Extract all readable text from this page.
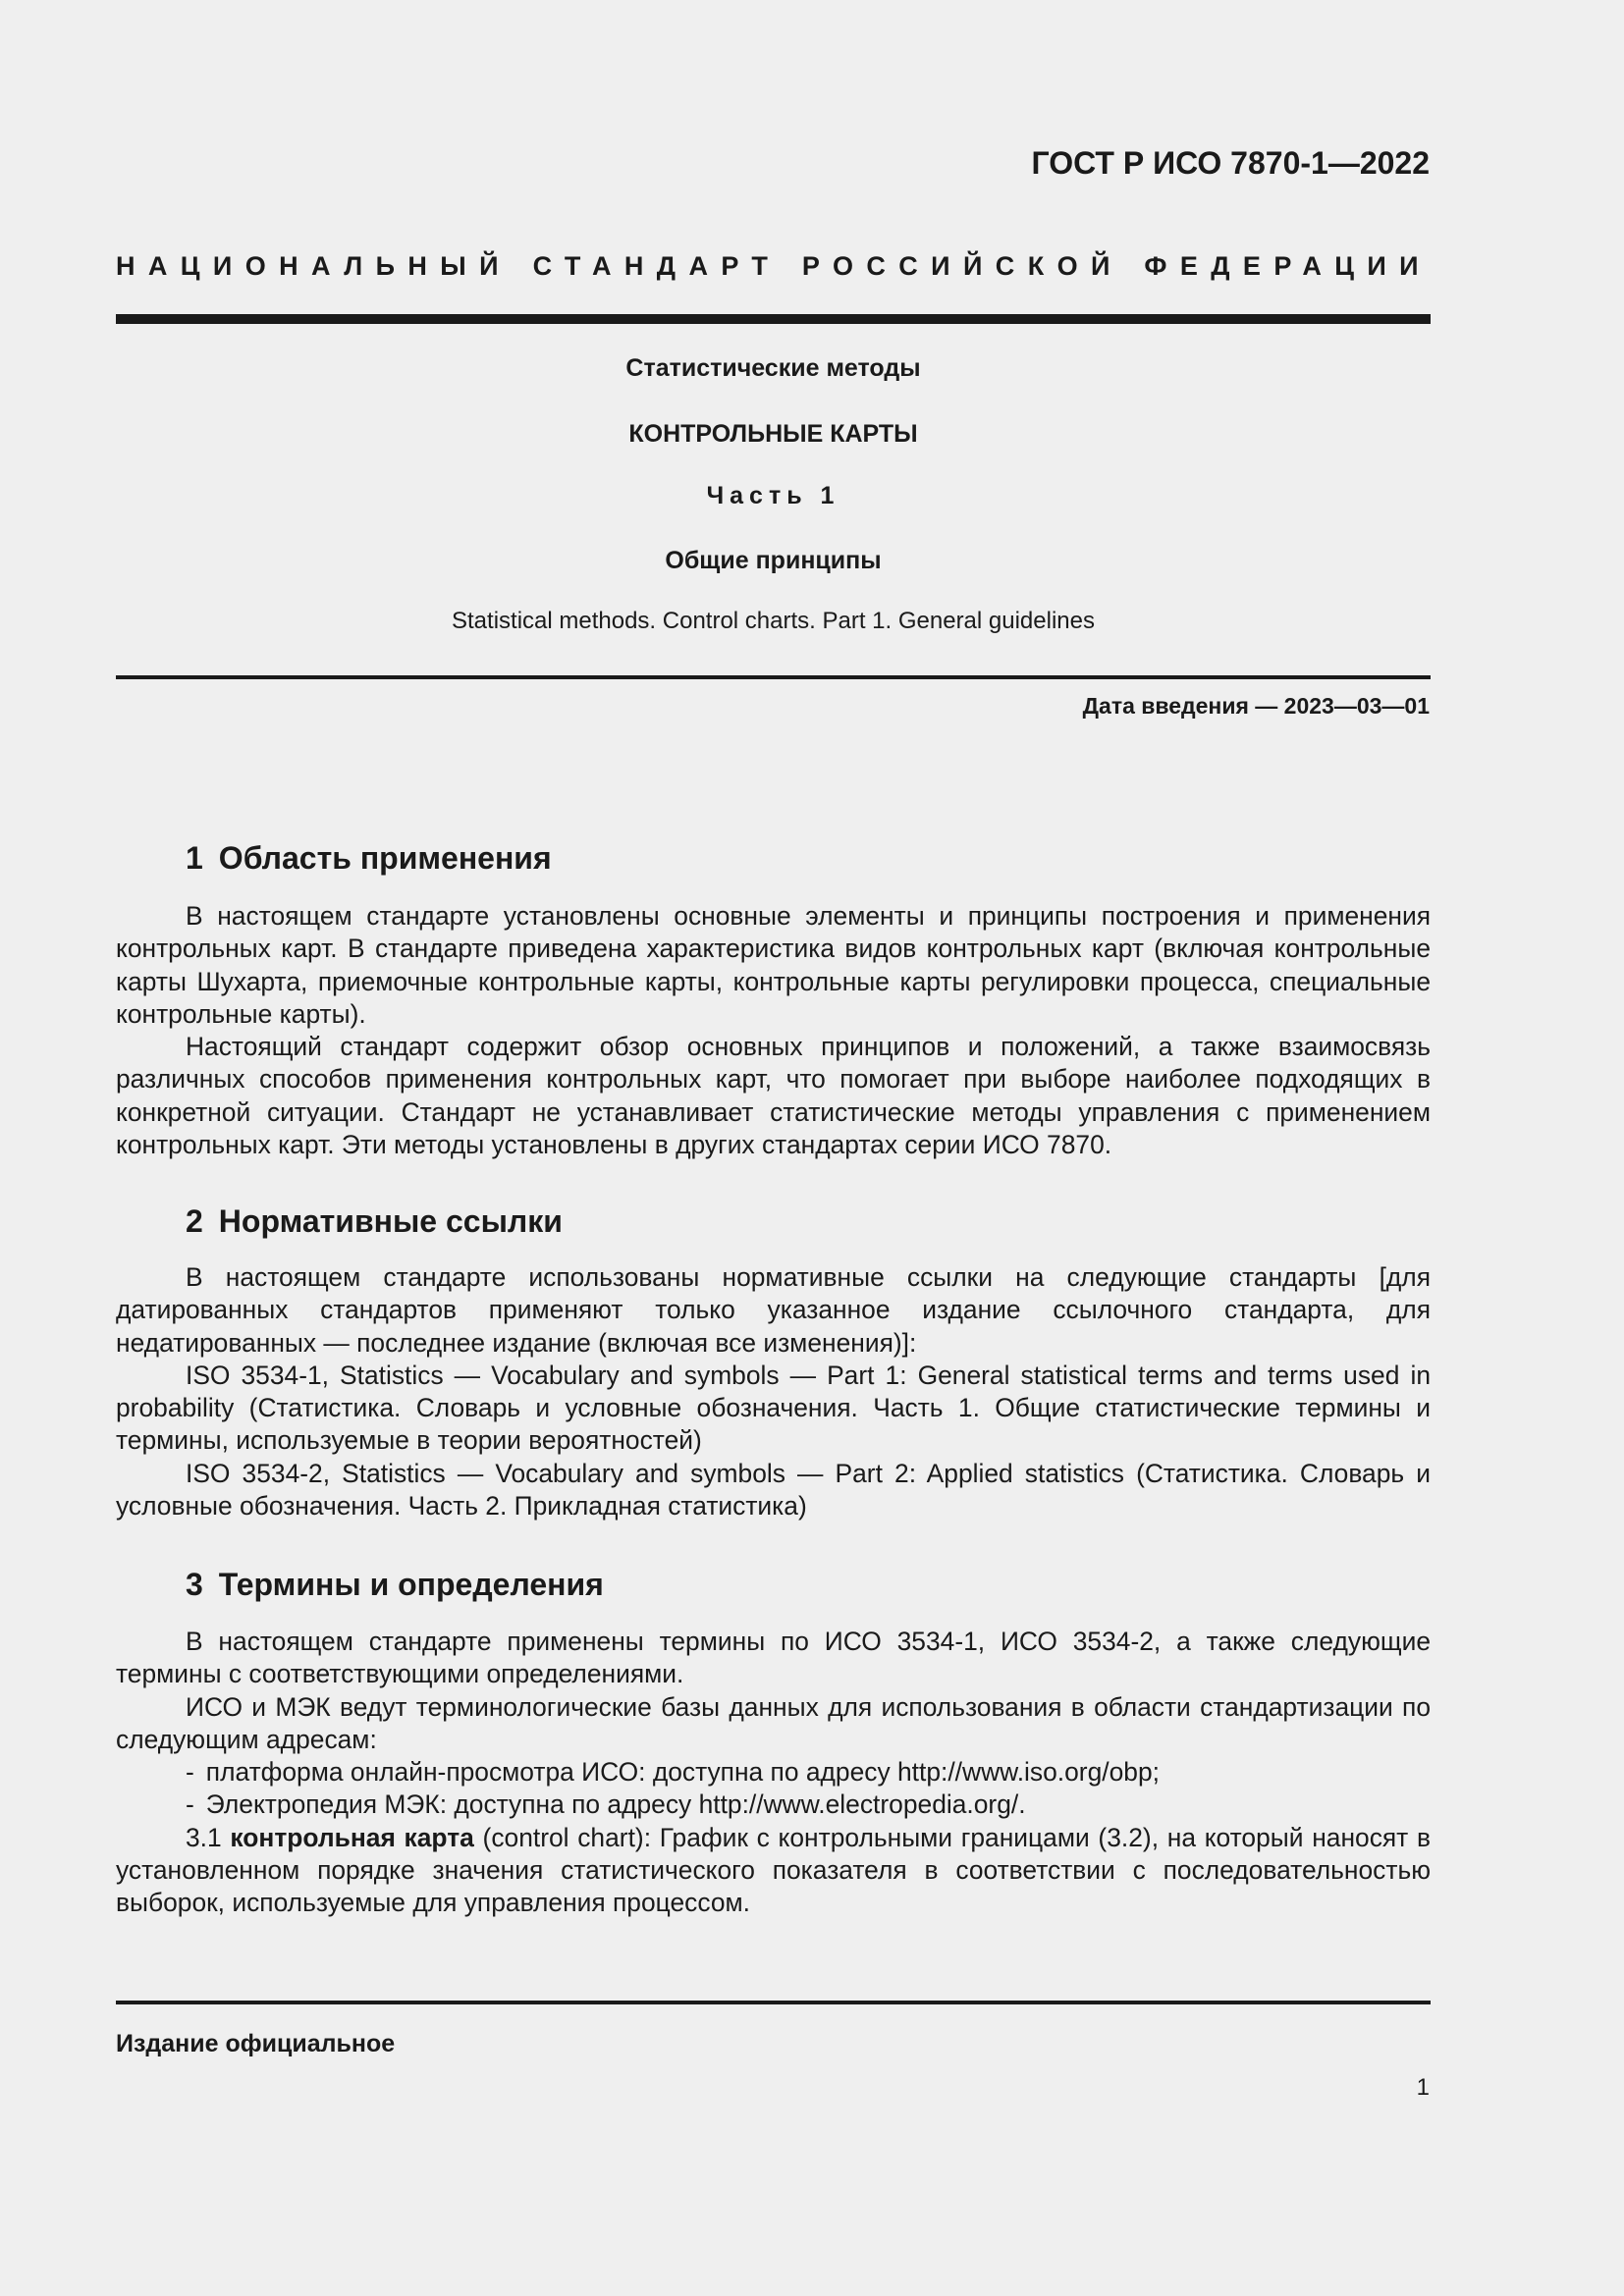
ГОСТ Р ИСО 7870-1—2022
НАЦИОНАЛЬНЫЙ СТАНДАРТ РОССИЙСКОЙ ФЕДЕРАЦИИ
Статистические методы
КОНТРОЛЬНЫЕ КАРТЫ
Часть 1
Общие принципы
Statistical methods. Control charts. Part 1. General guidelines
Дата введения — 2023—03—01
1 Область применения

В настоящем стандарте установлены основные элементы и принципы построения и применения контрольных карт. В стандарте приведена характеристика видов контрольных карт (включая контрольные карты Шухарта, приемочные контрольные карты, контрольные карты регулировки процесса, специальные контрольные карты).

Настоящий стандарт содержит обзор основных принципов и положений, а также взаимосвязь различных способов применения контрольных карт, что помогает при выборе наиболее подходящих в конкретной ситуации. Стандарт не устанавливает статистические методы управления с применением контрольных карт. Эти методы установлены в других стандартах серии ИСО 7870.

2 Нормативные ссылки

В настоящем стандарте использованы нормативные ссылки на следующие стандарты [для датированных стандартов применяют только указанное издание ссылочного стандарта, для недатированных — последнее издание (включая все изменения)]:

ISO 3534-1, Statistics — Vocabulary and symbols — Part 1: General statistical terms and terms used in probability (Статистика. Словарь и условные обозначения. Часть 1. Общие статистические термины и термины, используемые в теории вероятностей)

ISO 3534-2, Statistics — Vocabulary and symbols — Part 2: Applied statistics (Статистика. Словарь и условные обозначения. Часть 2. Прикладная статистика)

3 Термины и определения

В настоящем стандарте применены термины по ИСО 3534-1, ИСО 3534-2, а также следующие термины с соответствующими определениями.

ИСО и МЭК ведут терминологические базы данных для использования в области стандартизации по следующим адресам:

- платформа онлайн-просмотра ИСО: доступна по адресу http://www.iso.org/obp;

- Электропедия МЭК: доступна по адресу http://www.electropedia.org/.

3.1 контрольная карта (control chart): График с контрольными границами (3.2), на который наносят в установленном порядке значения статистического показателя в соответствии с последовательностью выборок, используемые для управления процессом.

Издание официальное
1
